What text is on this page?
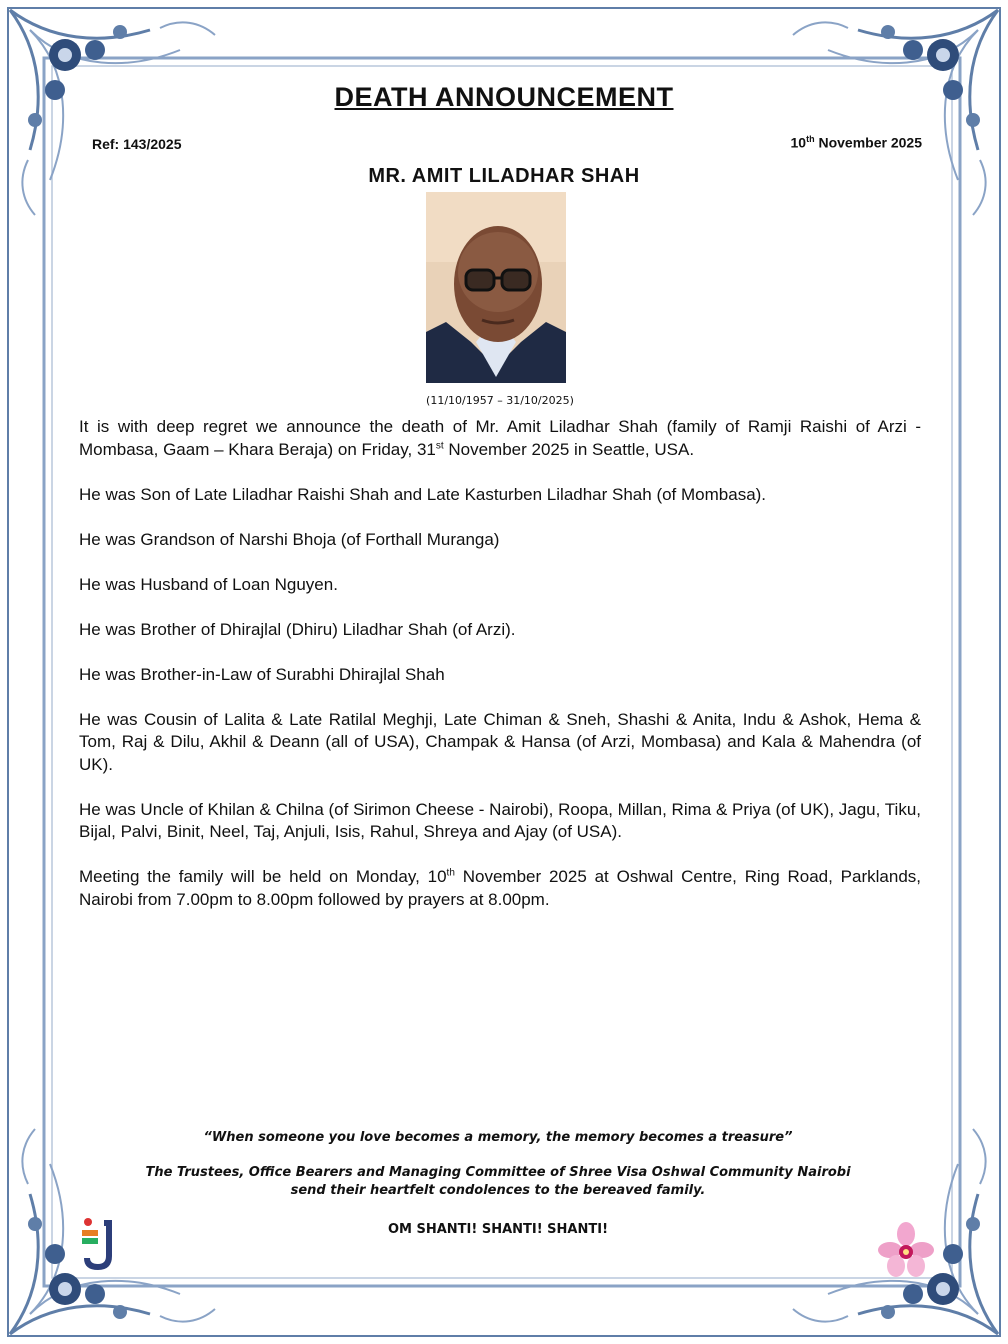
DEATH ANNOUNCEMENT
Ref: 143/2025	10th November 2025
MR. AMIT LILADHAR SHAH
(11/10/1957 – 31/10/2025)

It is with deep regret we announce the death of Mr. Amit Liladhar Shah (family of Ramji Raishi of Arzi - Mombasa, Gaam – Khara Beraja) on Friday, 31st November 2025 in Seattle, USA.

He was Son of Late Liladhar Raishi Shah and Late Kasturben Liladhar Shah (of Mombasa).

He was Grandson of Narshi Bhoja (of Forthall Muranga)

He was Husband of Loan Nguyen.

He was Brother of Dhirajlal (Dhiru) Liladhar Shah (of Arzi).

He was Brother-in-Law of Surabhi Dhirajlal Shah

He was Cousin of Lalita & Late Ratilal Meghji, Late Chiman & Sneh, Shashi & Anita, Indu & Ashok, Hema & Tom, Raj & Dilu, Akhil & Deann (all of USA), Champak & Hansa (of Arzi, Mombasa) and Kala & Mahendra (of UK).

He was Uncle of Khilan & Chilna (of Sirimon Cheese - Nairobi), Roopa, Millan, Rima & Priya (of UK), Jagu, Tiku, Bijal, Palvi, Binit, Neel, Taj, Anjuli, Isis, Rahul, Shreya and Ajay (of USA).

Meeting the family will be held on Monday, 10th November 2025 at Oshwal Centre, Ring Road, Parklands, Nairobi from 7.00pm to 8.00pm followed by prayers at 8.00pm.

“When someone you love becomes a memory, the memory becomes a treasure”
The Trustees, Office Bearers and Managing Committee of Shree Visa Oshwal Community Nairobi
send their heartfelt condolences to the bereaved family.
OM SHANTI! SHANTI! SHANTI!
